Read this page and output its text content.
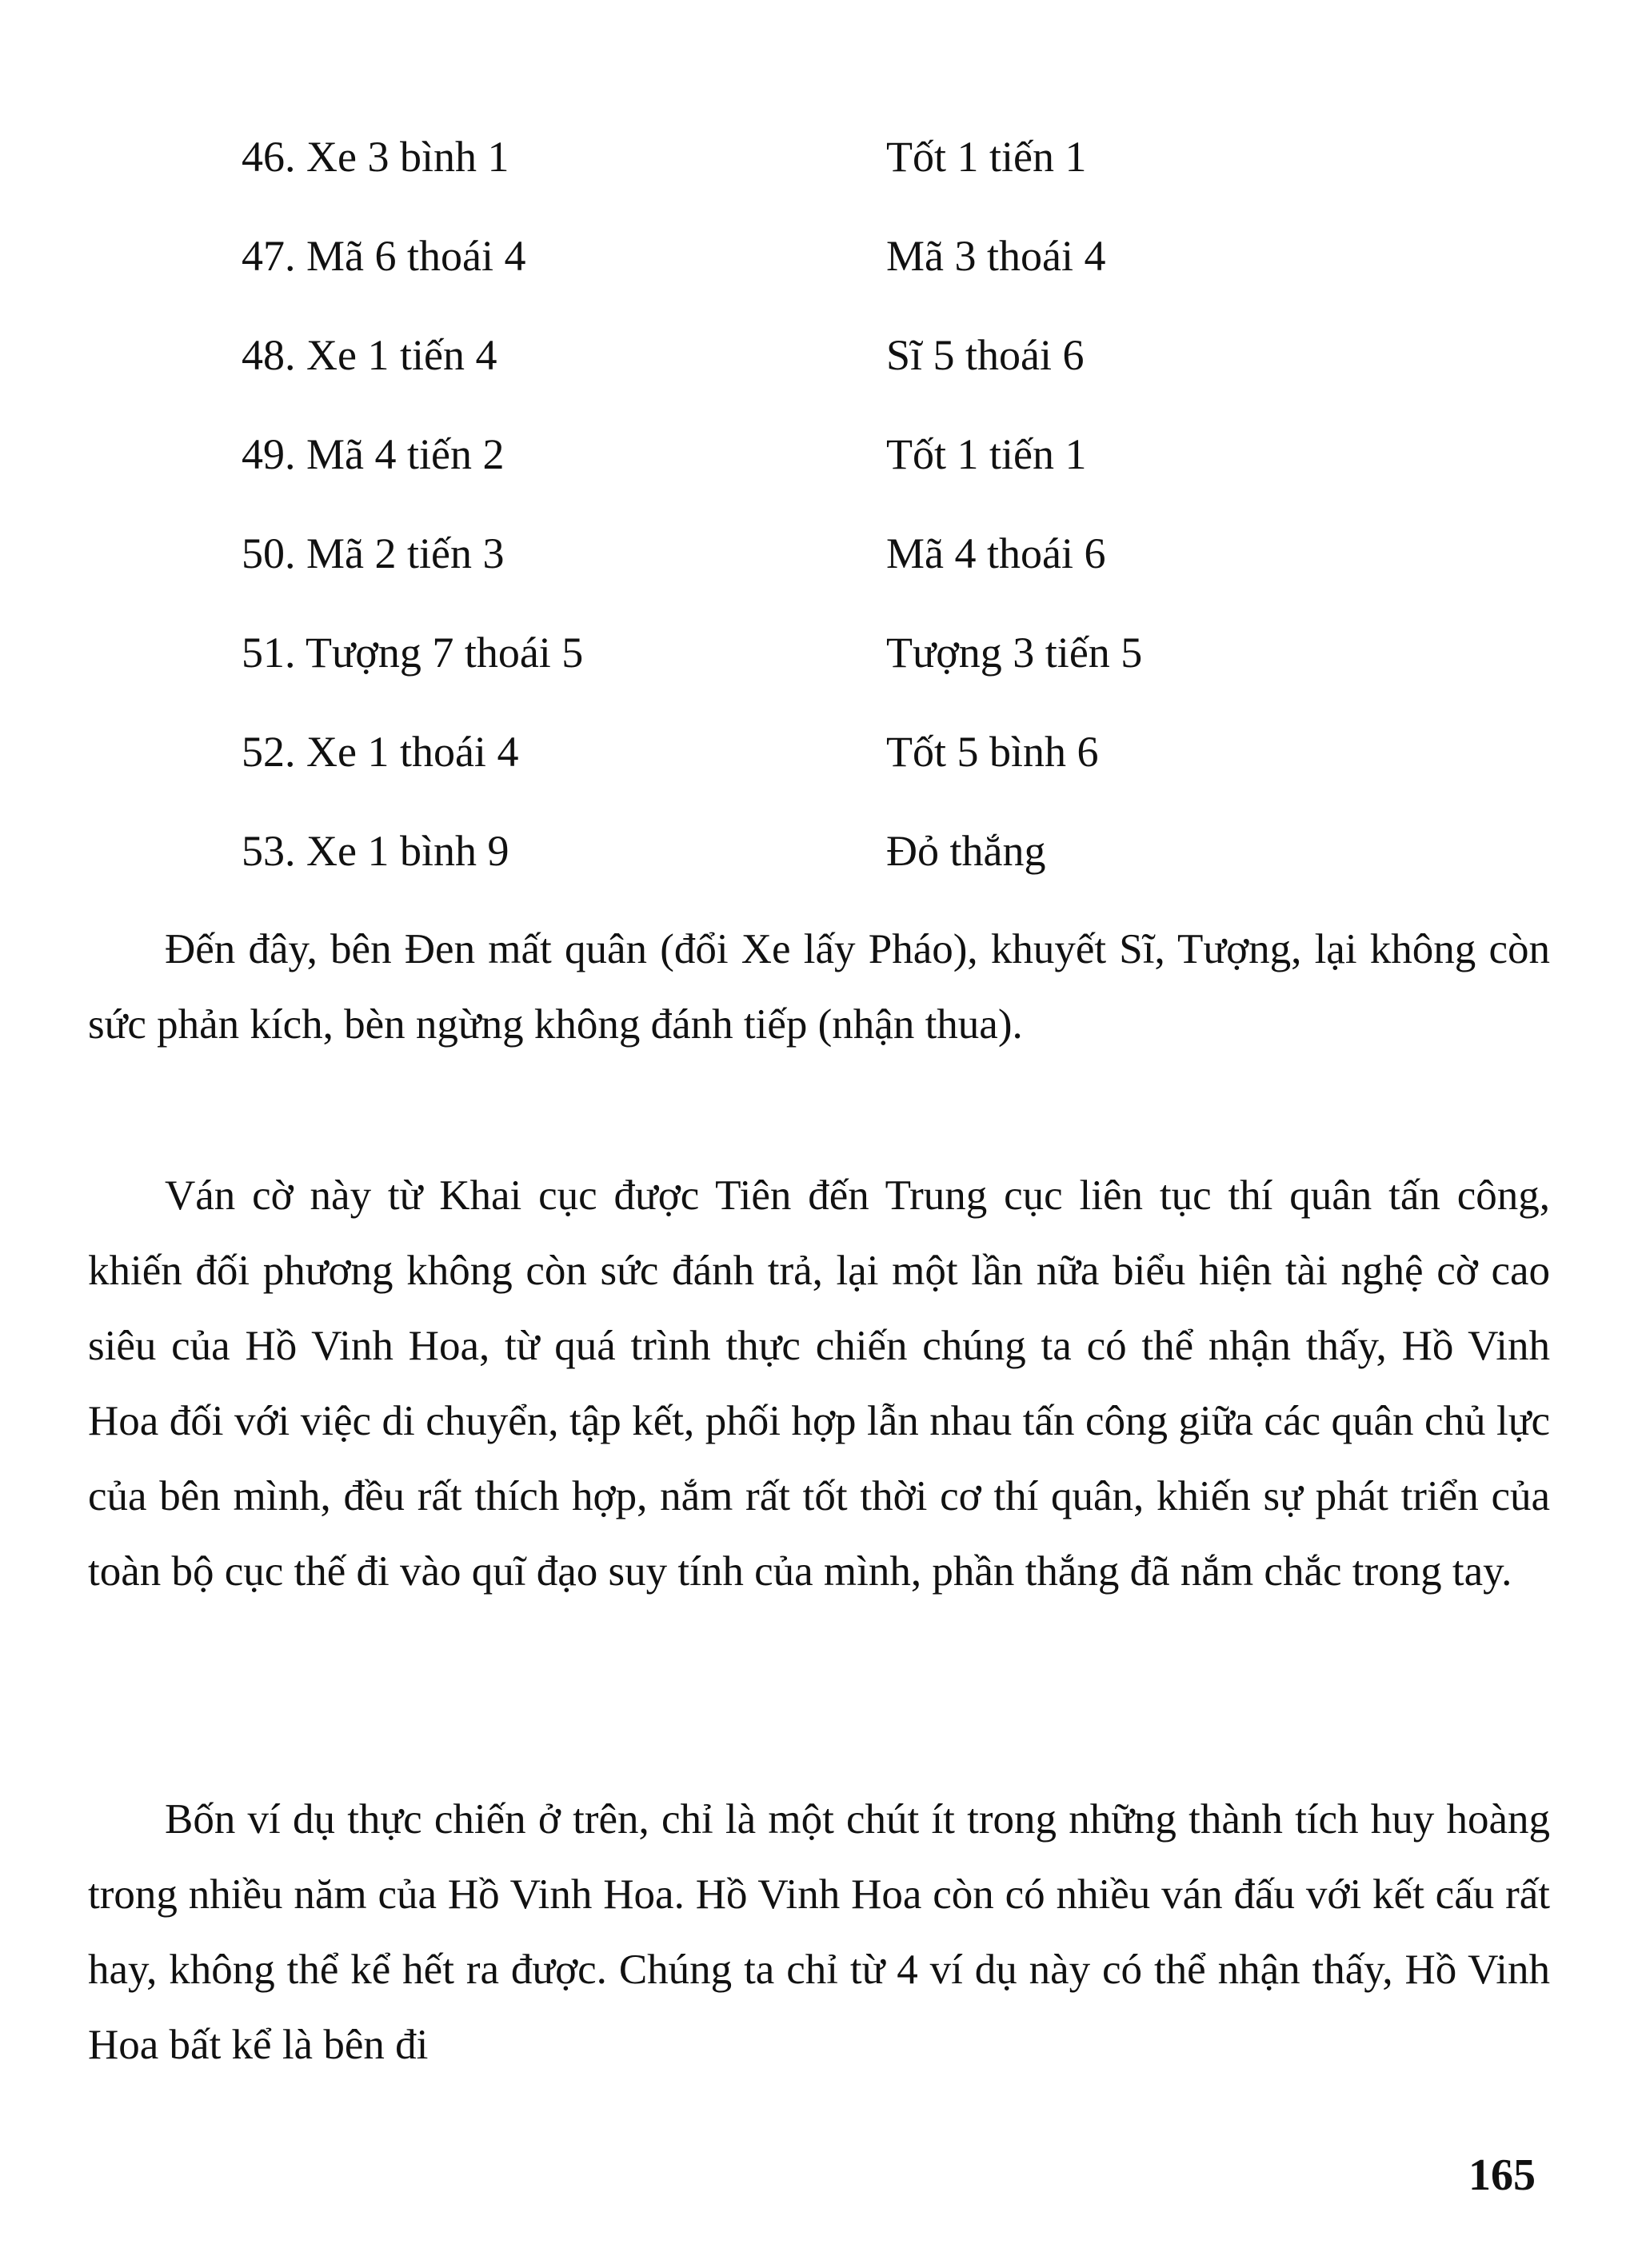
46. Xe 3 bình 1	Tốt 1 tiến 1
47. Mã 6 thoái 4	Mã 3 thoái 4
48. Xe 1 tiến 4	Sĩ 5 thoái 6
49. Mã 4 tiến 2	Tốt 1 tiến 1
50. Mã 2 tiến 3	Mã 4 thoái 6
51. Tượng 7 thoái 5	Tượng 3 tiến 5
52. Xe 1 thoái 4	Tốt 5 bình 6
53. Xe 1 bình 9	Đỏ thắng

Đến đây, bên Đen mất quân (đổi Xe lấy Pháo), khuyết Sĩ, Tượng, lại không còn sức phản kích, bèn ngừng không đánh tiếp (nhận thua).

Ván cờ này từ Khai cục được Tiên đến Trung cục liên tục thí quân tấn công, khiến đối phương không còn sức đánh trả, lại một lần nữa biểu hiện tài nghệ cờ cao siêu của Hồ Vinh Hoa, từ quá trình thực chiến chúng ta có thể nhận thấy, Hồ Vinh Hoa đối với việc di chuyển, tập kết, phối hợp lẫn nhau tấn công giữa các quân chủ lực của bên mình, đều rất thích hợp, nắm rất tốt thời cơ thí quân, khiến sự phát triển của toàn bộ cục thế đi vào quĩ đạo suy tính của mình, phần thắng đã nắm chắc trong tay.

Bốn ví dụ thực chiến ở trên, chỉ là một chút ít trong những thành tích huy hoàng trong nhiều năm của Hồ Vinh Hoa. Hồ Vinh Hoa còn có nhiều ván đấu với kết cấu rất hay, không thể kể hết ra được. Chúng ta chỉ từ 4 ví dụ này có thể nhận thấy, Hồ Vinh Hoa bất kể là bên đi

165
